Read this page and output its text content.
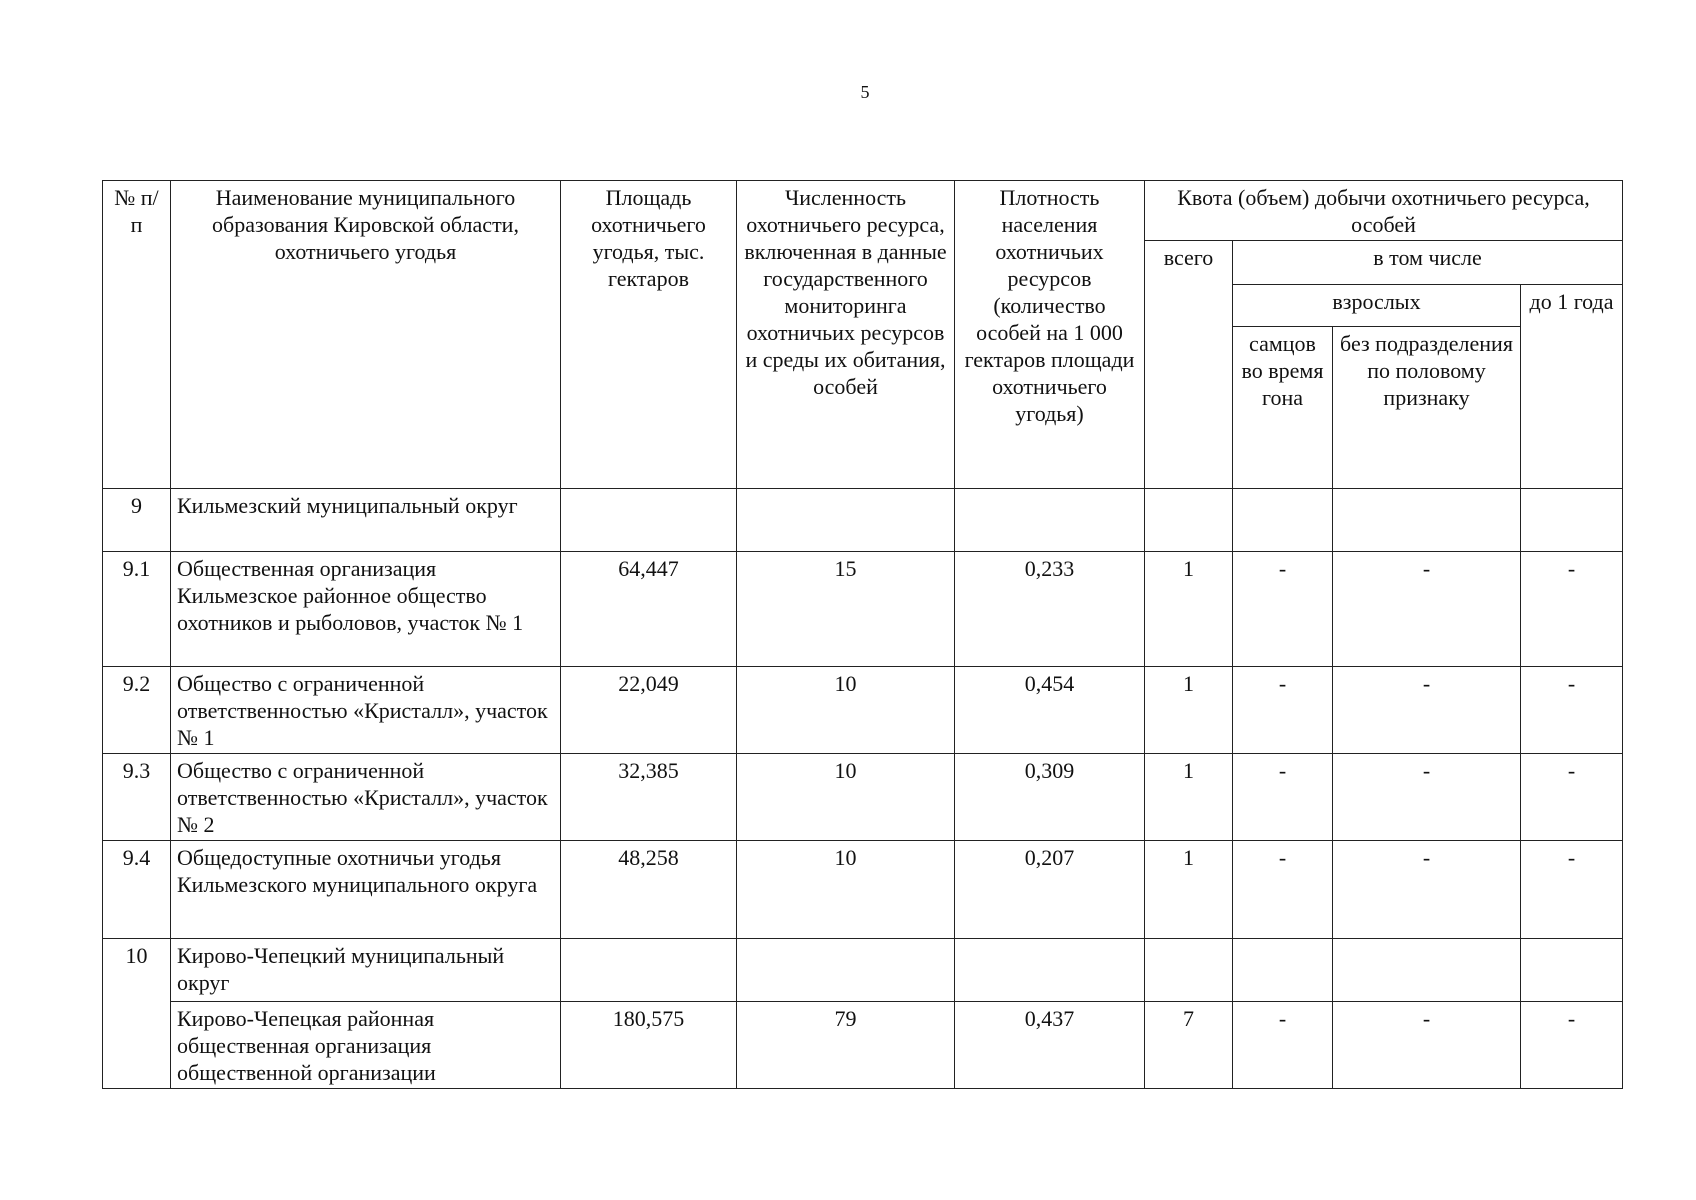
5
№ п/п	Наименование муниципального образования Кировской области, охотничьего угодья	Площадь охотничьего угодья, тыс. гектаров	Численность охотничьего ресурса, включенная в данные государственного мониторинга охотничьих ресурсов и среды их обитания, особей	Плотность населения охотничьих ресурсов (количество особей на 1 000 гектаров площади охотничьего угодья)	Квота (объем) добычи охотничьего ресурса, особей			
					всего	в том числе		
						взрослых		до 1 года
						самцов во время гона	без подразделения по половому признаку	
9	Кильмезский муниципальный округ							
9.1	Общественная организация Кильмезское районное общество охотников и рыболовов, участок № 1	64,447	15	0,233	1	-	-	-
9.2	Общество с ограниченной ответственностью «Кристалл», участок № 1	22,049	10	0,454	1	-	-	-
9.3	Общество с ограниченной ответственностью «Кристалл», участок № 2	32,385	10	0,309	1	-	-	-
9.4	Общедоступные охотничьи угодья Кильмезского муниципального округа	48,258	10	0,207	1	-	-	-
10	Кирово-Чепецкий муниципальный округ							
	Кирово-Чепецкая районная общественная организация общественной организации	180,575	79	0,437	7	-	-	-
